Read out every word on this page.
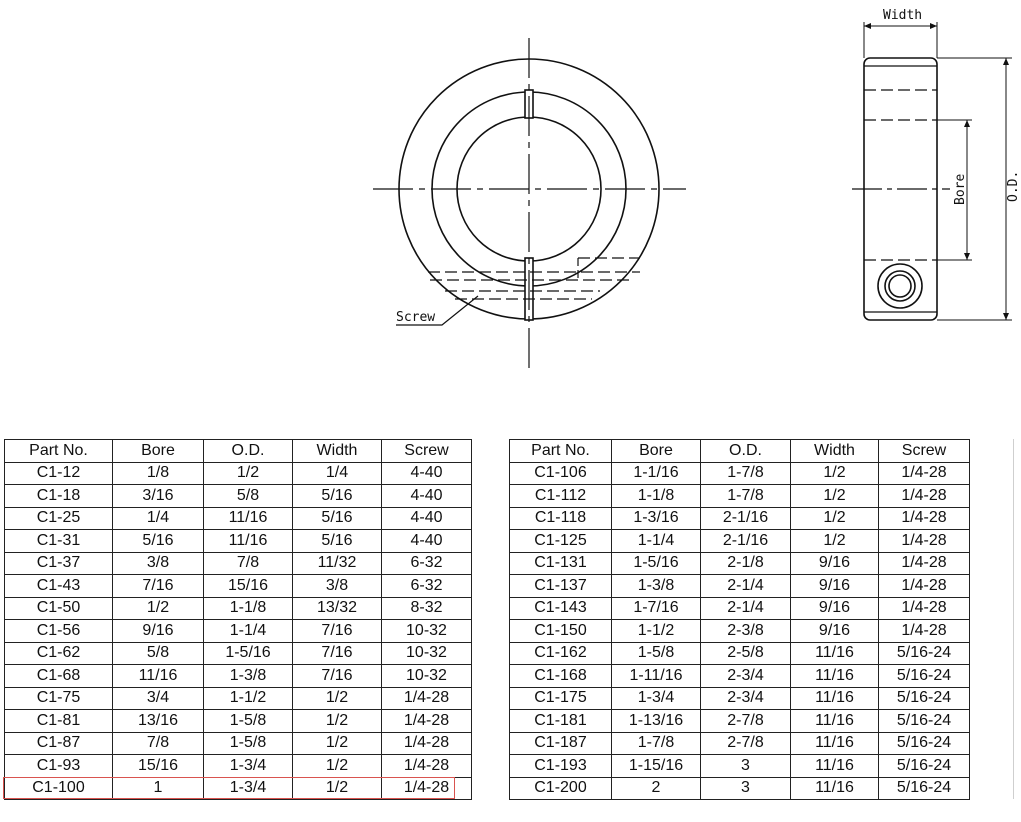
Screw
Width
Bore	O.D.
Part No.	Bore	O.D.	Width	Screw
C1-12	1/8	1/2	1/4	4-40
C1-18	3/16	5/8	5/16	4-40
C1-25	1/4	11/16	5/16	4-40
C1-31	5/16	11/16	5/16	4-40
C1-37	3/8	7/8	11/32	6-32
C1-43	7/16	15/16	3/8	6-32
C1-50	1/2	1-1/8	13/32	8-32
C1-56	9/16	1-1/4	7/16	10-32
C1-62	5/8	1-5/16	7/16	10-32
C1-68	11/16	1-3/8	7/16	10-32
C1-75	3/4	1-1/2	1/2	1/4-28
C1-81	13/16	1-5/8	1/2	1/4-28
C1-87	7/8	1-5/8	1/2	1/4-28
C1-93	15/16	1-3/4	1/2	1/4-28
C1-100	1	1-3/4	1/2	1/4-28
Part No.	Bore	O.D.	Width	Screw
C1-106	1-1/16	1-7/8	1/2	1/4-28
C1-112	1-1/8	1-7/8	1/2	1/4-28
C1-118	1-3/16	2-1/16	1/2	1/4-28
C1-125	1-1/4	2-1/16	1/2	1/4-28
C1-131	1-5/16	2-1/8	9/16	1/4-28
C1-137	1-3/8	2-1/4	9/16	1/4-28
C1-143	1-7/16	2-1/4	9/16	1/4-28
C1-150	1-1/2	2-3/8	9/16	1/4-28
C1-162	1-5/8	2-5/8	11/16	5/16-24
C1-168	1-11/16	2-3/4	11/16	5/16-24
C1-175	1-3/4	2-3/4	11/16	5/16-24
C1-181	1-13/16	2-7/8	11/16	5/16-24
C1-187	1-7/8	2-7/8	11/16	5/16-24
C1-193	1-15/16	3	11/16	5/16-24
C1-200	2	3	11/16	5/16-24
